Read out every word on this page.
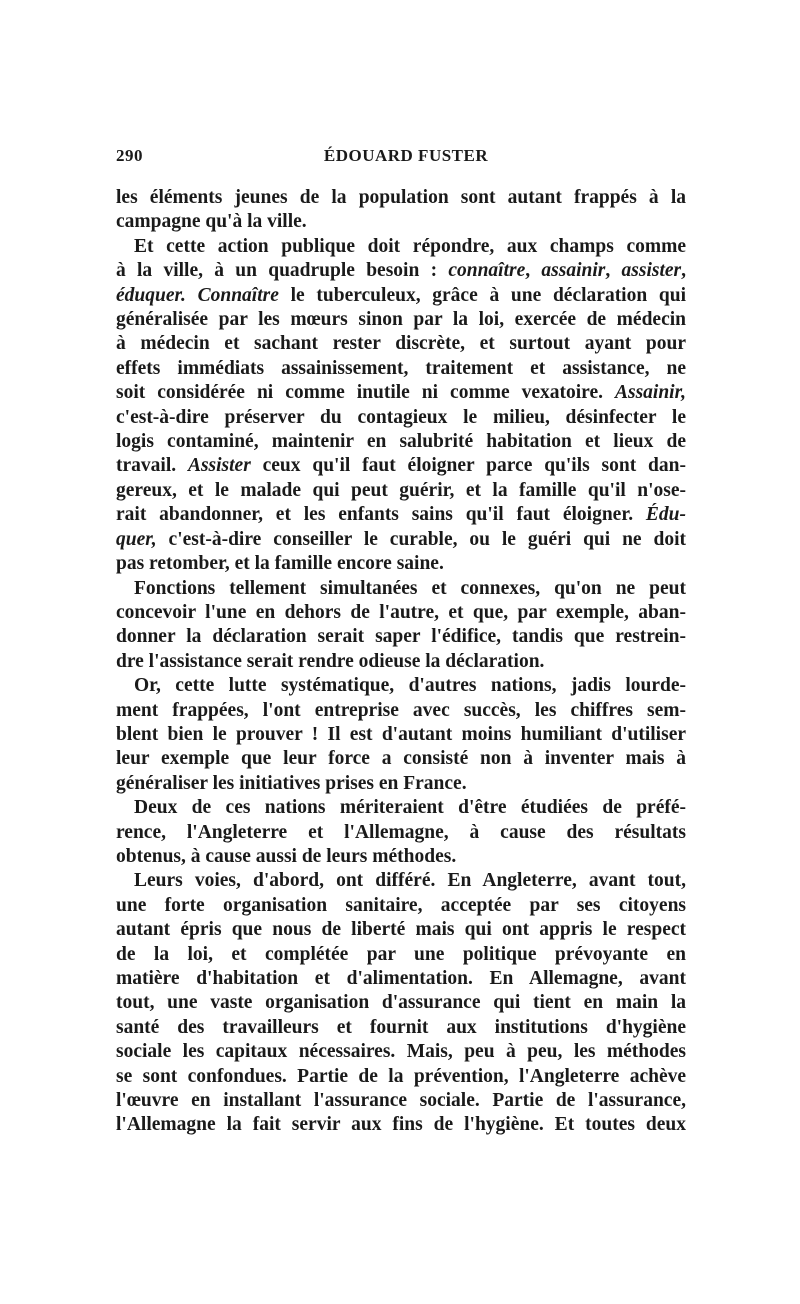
290	ÉDOUARD FUSTER

les éléments jeunes de la population sont autant frappés à la
campagne qu'à la ville.

Et cette action publique doit répondre, aux champs comme
à la ville, à un quadruple besoin : connaître, assainir, assister,
éduquer. Connaître le tuberculeux, grâce à une déclaration qui
généralisée par les mœurs sinon par la loi, exercée de médecin
à médecin et sachant rester discrète, et surtout ayant pour
effets immédiats assainissement, traitement et assistance, ne
soit considérée ni comme inutile ni comme vexatoire. Assainir,
c'est-à-dire préserver du contagieux le milieu, désinfecter le
logis contaminé, maintenir en salubrité habitation et lieux de
travail. Assister ceux qu'il faut éloigner parce qu'ils sont dan-
gereux, et le malade qui peut guérir, et la famille qu'il n'ose-
rait abandonner, et les enfants sains qu'il faut éloigner. Édu-
quer, c'est-à-dire conseiller le curable, ou le guéri qui ne doit
pas retomber, et la famille encore saine.

Fonctions tellement simultanées et connexes, qu'on ne peut
concevoir l'une en dehors de l'autre, et que, par exemple, aban-
donner la déclaration serait saper l'édifice, tandis que restrein-
dre l'assistance serait rendre odieuse la déclaration.

Or, cette lutte systématique, d'autres nations, jadis lourde-
ment frappées, l'ont entreprise avec succès, les chiffres sem-
blent bien le prouver ! Il est d'autant moins humiliant d'utiliser
leur exemple que leur force a consisté non à inventer mais à
généraliser les initiatives prises en France.

Deux de ces nations mériteraient d'être étudiées de préfé-
rence, l'Angleterre et l'Allemagne, à cause des résultats
obtenus, à cause aussi de leurs méthodes.

Leurs voies, d'abord, ont différé. En Angleterre, avant tout,
une forte organisation sanitaire, acceptée par ses citoyens
autant épris que nous de liberté mais qui ont appris le respect
de la loi, et complétée par une politique prévoyante en
matière d'habitation et d'alimentation. En Allemagne, avant
tout, une vaste organisation d'assurance qui tient en main la
santé des travailleurs et fournit aux institutions d'hygiène
sociale les capitaux nécessaires. Mais, peu à peu, les méthodes
se sont confondues. Partie de la prévention, l'Angleterre achève
l'œuvre en installant l'assurance sociale. Partie de l'assurance,
l'Allemagne la fait servir aux fins de l'hygiène. Et toutes deux
